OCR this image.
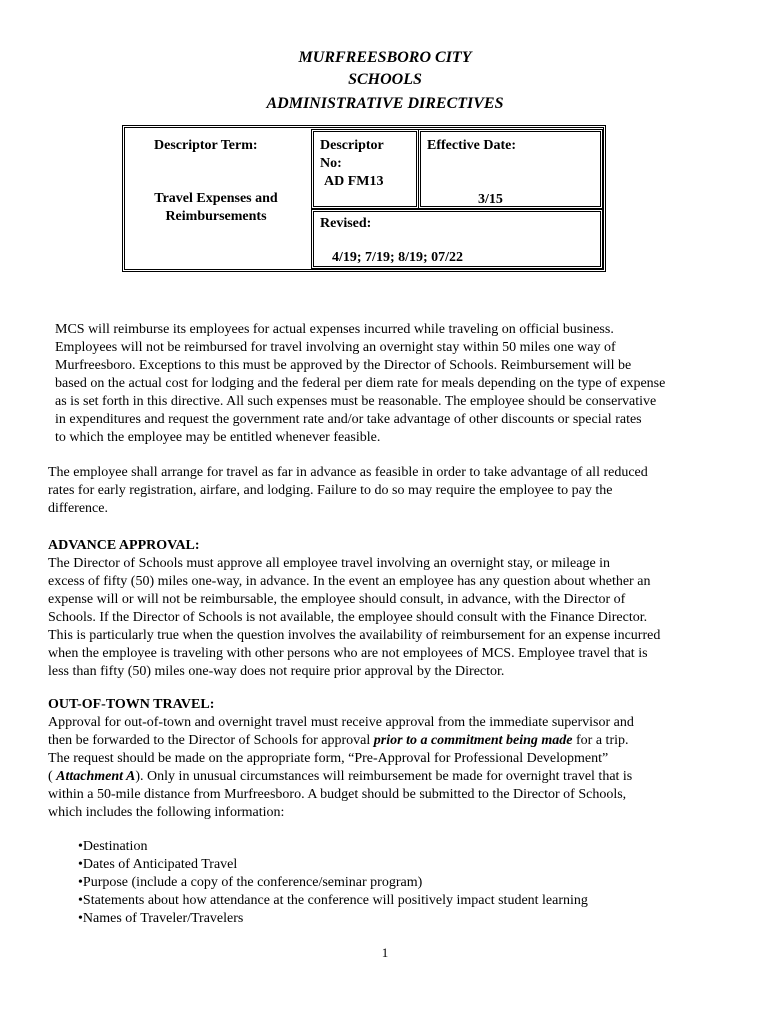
MURFREESBORO CITY
SCHOOLS
ADMINISTRATIVE DIRECTIVES
Descriptor Term:
Travel Expenses and
Reimbursements
Descriptor
No:
AD FM13
Effective Date:
3/15
Revised:
4/19; 7/19; 8/19; 07/22
MCS will reimburse its employees for actual expenses incurred while traveling on official business.
Employees will not be reimbursed for travel involving an overnight stay within 50 miles one way of
Murfreesboro. Exceptions to this must be approved by the Director of Schools. Reimbursement will be
based on the actual cost for lodging and the federal per diem rate for meals depending on the type of expense
as is set forth in this directive. All such expenses must be reasonable. The employee should be conservative
in expenditures and request the government rate and/or take advantage of other discounts or special rates
to which the employee may be entitled whenever feasible.
The employee shall arrange for travel as far in advance as feasible in order to take advantage of all reduced
rates for early registration, airfare, and lodging. Failure to do so may require the employee to pay the
difference.
ADVANCE APPROVAL:
The Director of Schools must approve all employee travel involving an overnight stay, or mileage in
excess of fifty (50) miles one-way, in advance. In the event an employee has any question about whether an
expense will or will not be reimbursable, the employee should consult, in advance, with the Director of
Schools. If the Director of Schools is not available, the employee should consult with the Finance Director.
This is particularly true when the question involves the availability of reimbursement for an expense incurred
when the employee is traveling with other persons who are not employees of MCS. Employee travel that is
less than fifty (50) miles one-way does not require prior approval by the Director.
OUT-OF-TOWN TRAVEL:
Approval for out-of-town and overnight travel must receive approval from the immediate supervisor and
then be forwarded to the Director of Schools for approval prior to a commitment being made for a trip.
The request should be made on the appropriate form, “Pre-Approval for Professional Development”
( Attachment A). Only in unusual circumstances will reimbursement be made for overnight travel that is
within a 50-mile distance from Murfreesboro. A budget should be submitted to the Director of Schools,
which includes the following information:
• Destination
• Dates of Anticipated Travel
• Purpose (include a copy of the conference/seminar program)
• Statements about how attendance at the conference will positively impact student learning
• Names of Traveler/Travelers
1
